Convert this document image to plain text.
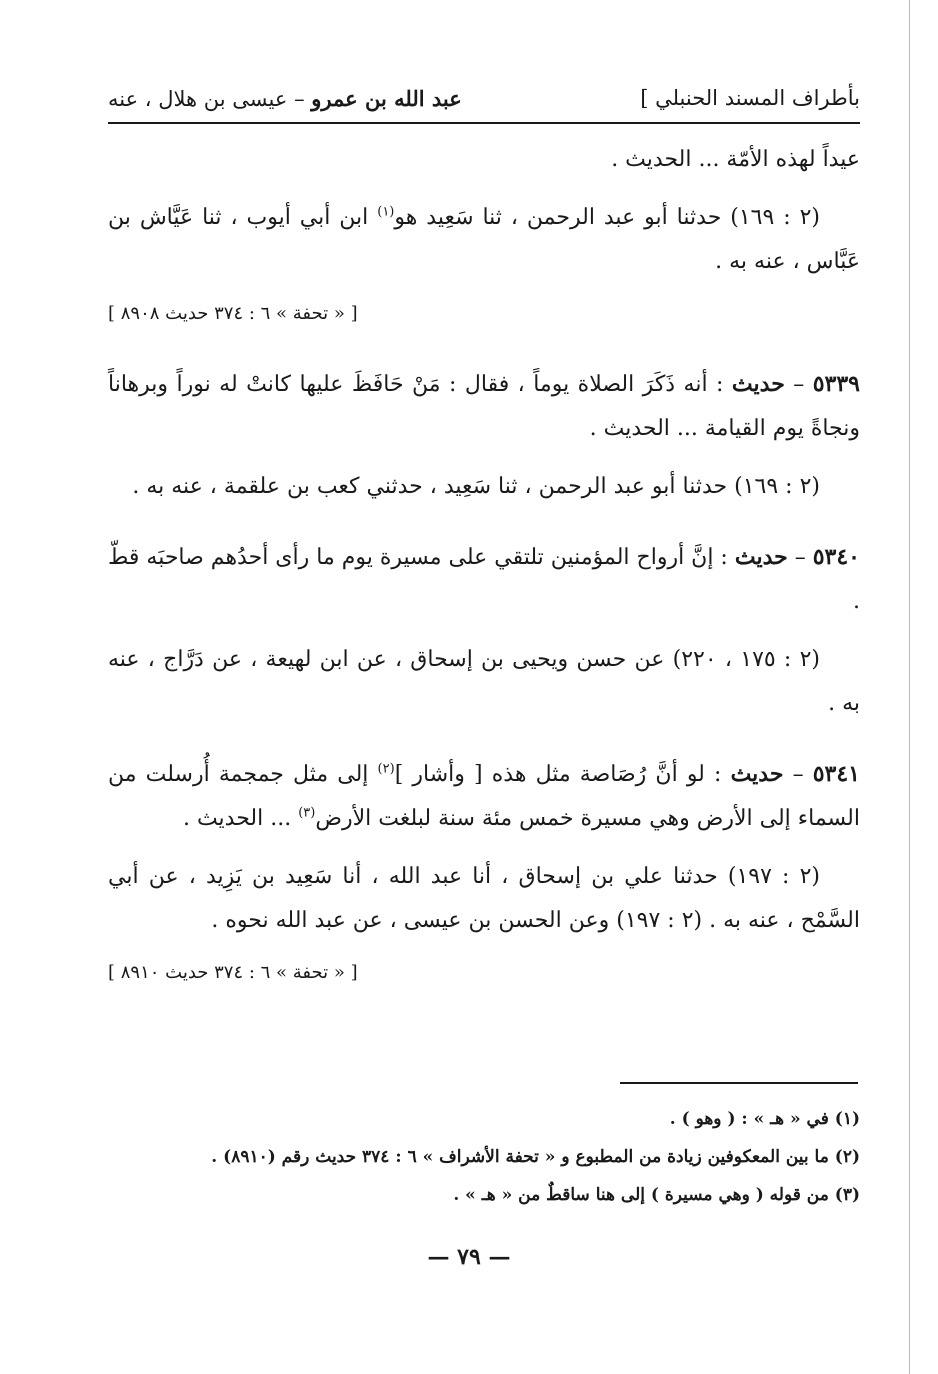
بأطراف المسند الحنبلي ]
عبد الله بن عمرو – عيسى بن هلال ، عنه

عيداً لهذه الأمّة ... الحديث .

(٢ : ١٦٩) حدثنا أبو عبد الرحمن ، ثنا سَعِيد هو$^{(١)}$ ابن أبي أيوب ، ثنا عَيَّاش بن عَبَّاس ، عنه به .

[ « تحفة » ٦ : ٣٧٤ حديث ٨٩٠٨ ]

٥٣٣٩ – حديث : أنه ذَكَرَ الصلاة يوماً ، فقال : مَنْ حَافَظَ عليها كانتْ له نوراً وبرهاناً ونجاةً يوم القيامة ... الحديث .

(٢ : ١٦٩) حدثنا أبو عبد الرحمن ، ثنا سَعِيد ، حدثني كعب بن علقمة ، عنه به .

٥٣٤٠ – حديث : إنَّ أرواح المؤمنين تلتقي على مسيرة يوم ما رأى أحدُهم صاحبَه قطّ .

(٢ : ١٧٥ ، ٢٢٠) عن حسن ويحيى بن إسحاق ، عن ابن لهيعة ، عن دَرَّاج ، عنه به .

٥٣٤١ – حديث : لو أنَّ رُصَاصة مثل هذه [ وأشار ]$^{(٢)}$ إلى مثل جمجمة أُرسلت من السماء إلى الأرض وهي مسيرة خمس مئة سنة لبلغت الأرض$^{(٣)}$ ... الحديث .

(٢ : ١٩٧) حدثنا علي بن إسحاق ، أنا عبد الله ، أنا سَعِيد بن يَزِيد ، عن أبي السَّمْح ، عنه به . (٢ : ١٩٧) وعن الحسن بن عيسى ، عن عبد الله نحوه .

[ « تحفة » ٦ : ٣٧٤ حديث ٨٩١٠ ]

(١) في « هـ » : ( وهو ) .

(٢) ما بين المعكوفين زيادة من المطبوع و « تحفة الأشراف » ٦ : ٣٧٤ حديث رقم (٨٩١٠) .

(٣) من قوله ( وهي مسيرة ) إلى هنا ساقطٌ من « هـ » .

— ٧٩ —
